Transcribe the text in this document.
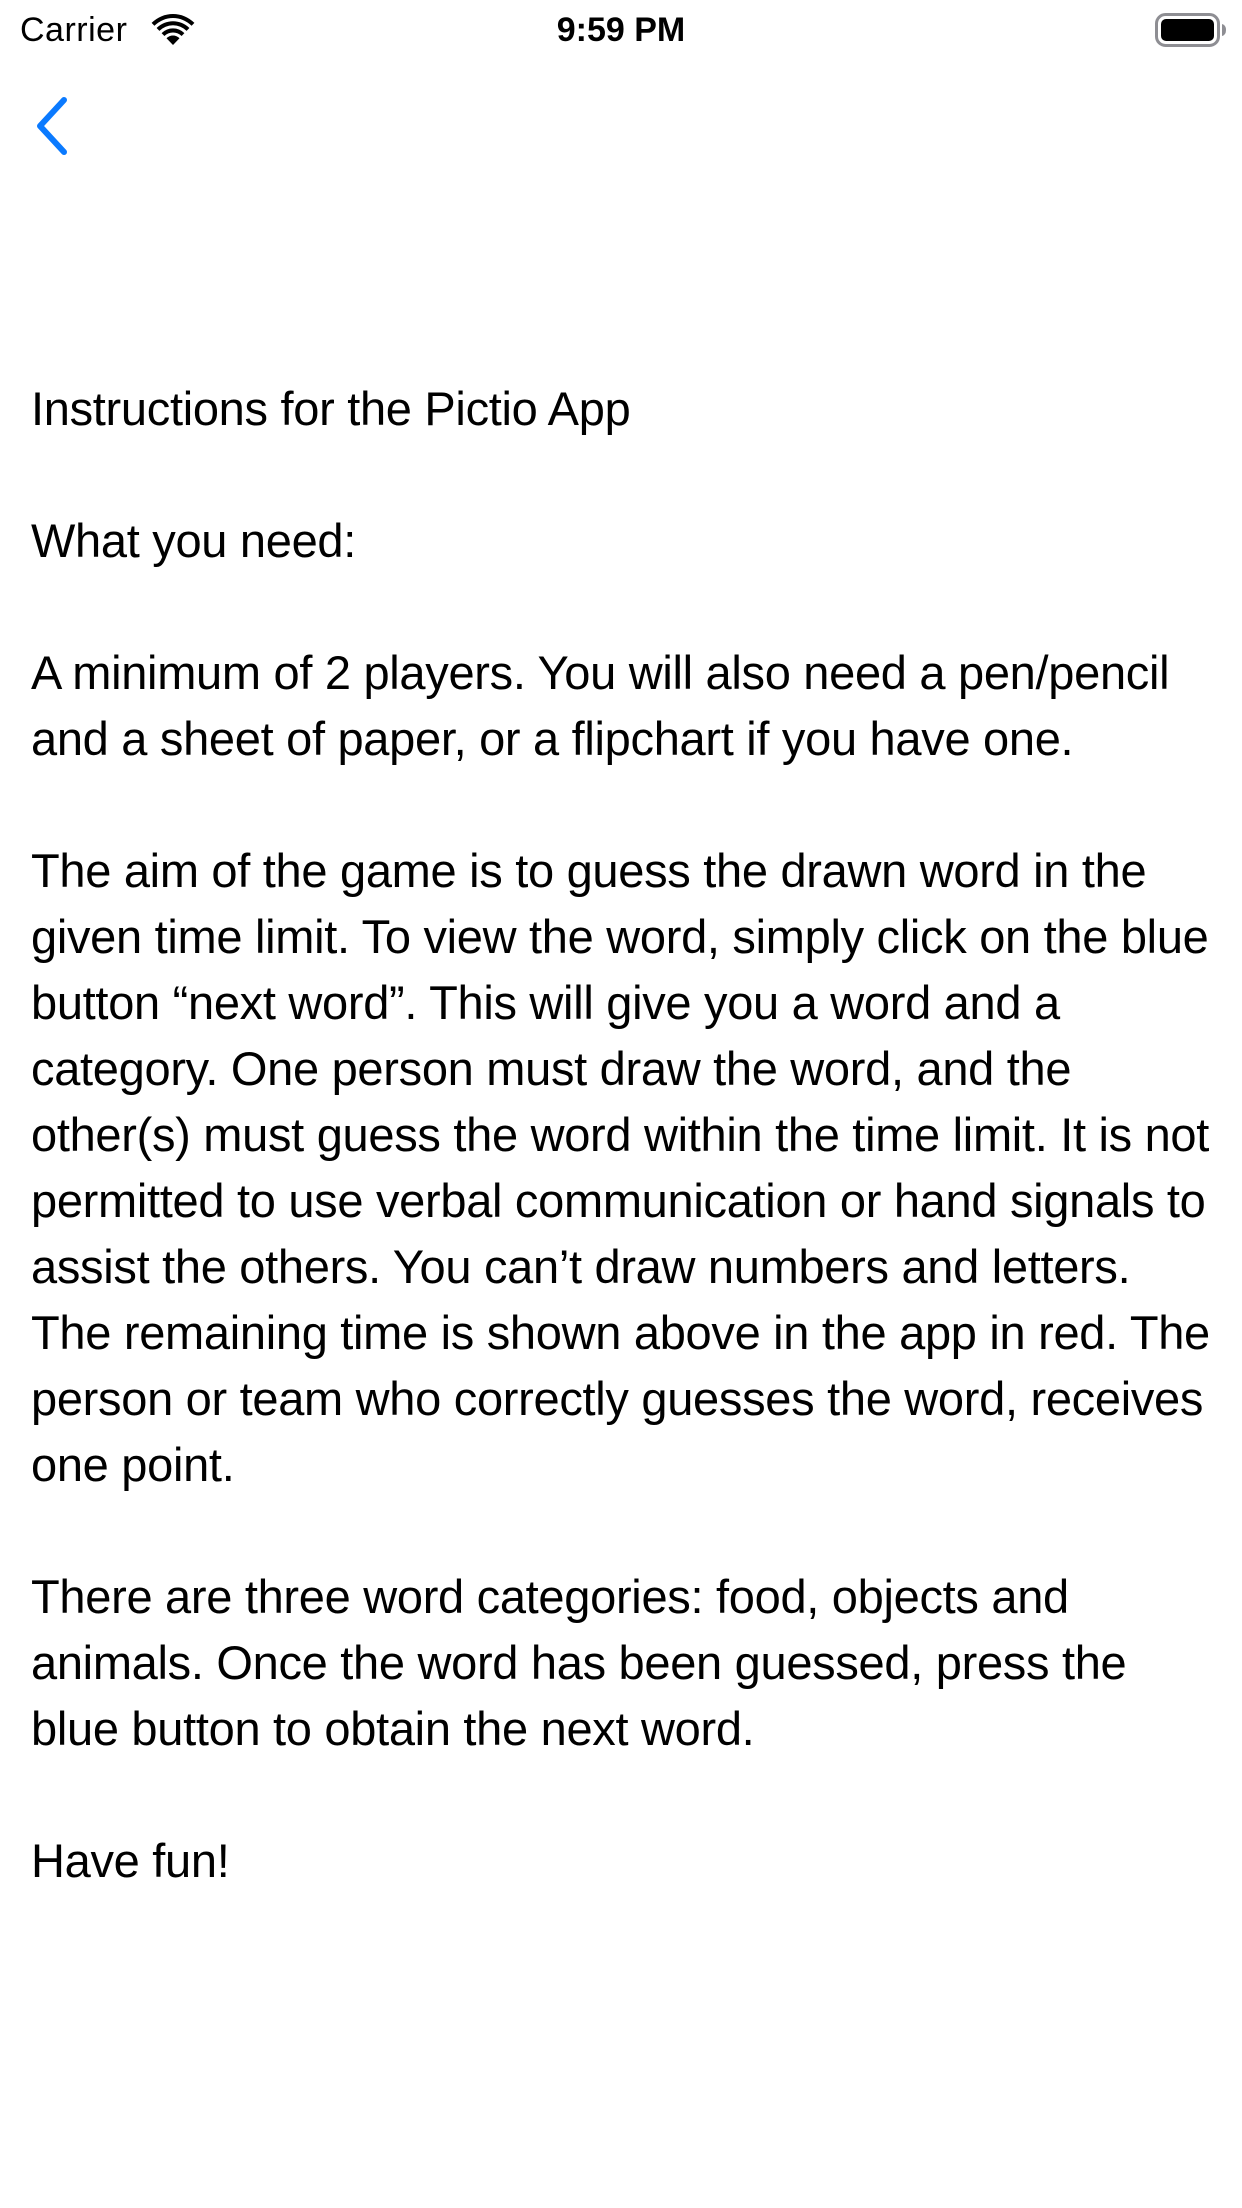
Carrier	9:59 PM

Instructions for the Pictio App

What you need:

A minimum of 2 players. You will also need a pen/pencil and a sheet of paper, or a flipchart if you have one.

The aim of the game is to guess the drawn word in the given time limit. To view the word, simply click on the blue button “next word”. This will give you a word and a category. One person must draw the word, and the other(s) must guess the word within the time limit. It is not permitted to use verbal communication or hand signals to assist the others. You can’t draw numbers and letters. The remaining time is shown above in the app in red. The person or team who correctly guesses the word, receives one point.

There are three word categories: food, objects and animals. Once the word has been guessed, press the blue button to obtain the next word.

Have fun!
